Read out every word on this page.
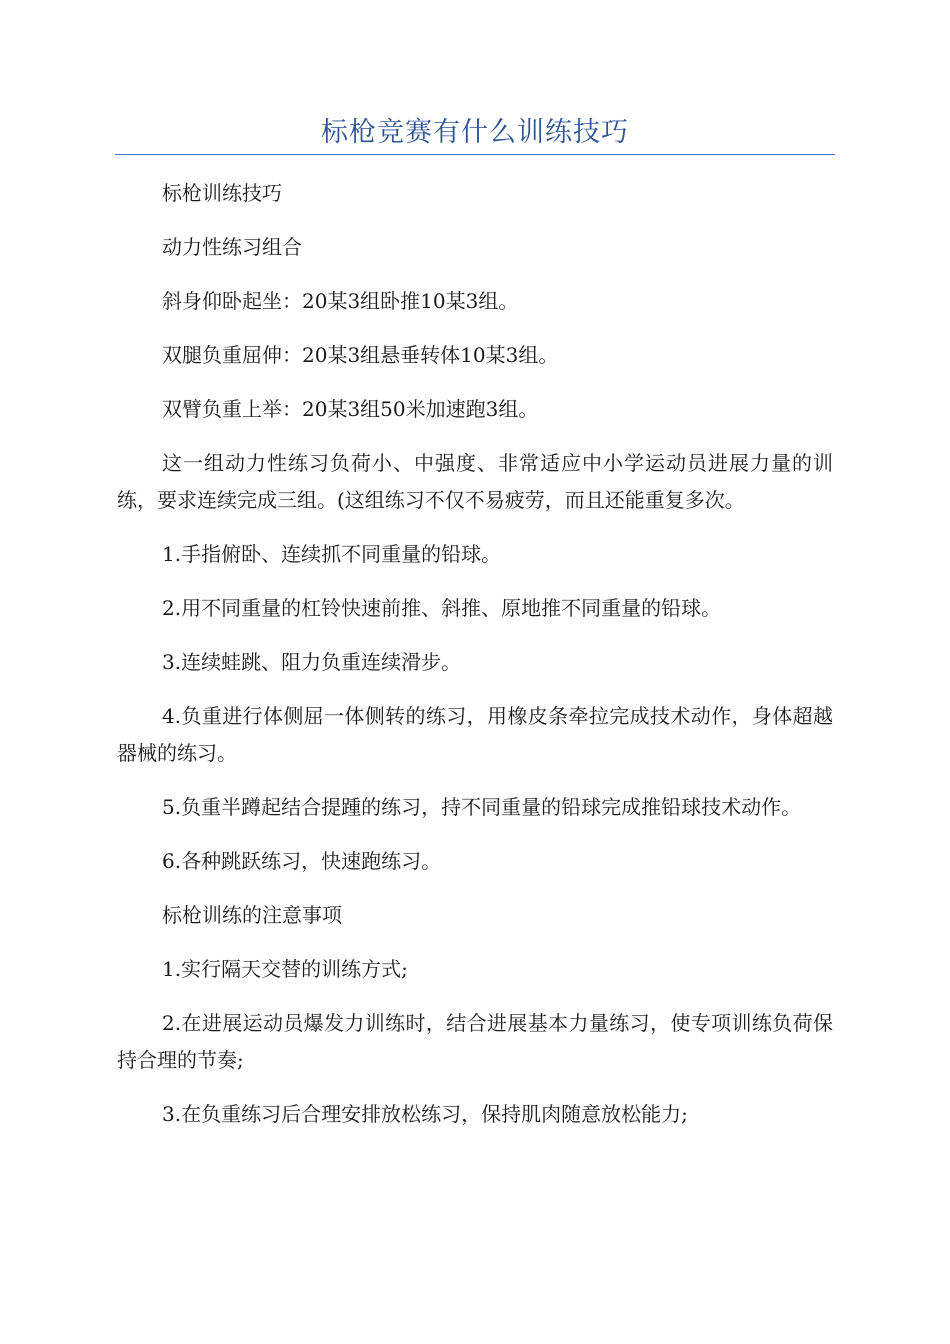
标枪竞赛有什么训练技巧

标枪训练技巧

动力性练习组合

斜身仰卧起坐：20某3组卧推10某3组。

双腿负重屈伸：20某3组悬垂转体10某3组。

双臂负重上举：20某3组50米加速跑3组。

这一组动力性练习负荷小、中强度、非常适应中小学运动员进展力量的训练，要求连续完成三组。(这组练习不仅不易疲劳，而且还能重复多次。

1.手指俯卧、连续抓不同重量的铅球。

2.用不同重量的杠铃快速前推、斜推、原地推不同重量的铅球。

3.连续蛙跳、阻力负重连续滑步。

4.负重进行体侧屈一体侧转的练习，用橡皮条牵拉完成技术动作，身体超越器械的练习。

5.负重半蹲起结合提踵的练习，持不同重量的铅球完成推铅球技术动作。

6.各种跳跃练习，快速跑练习。

标枪训练的注意事项

1.实行隔天交替的训练方式;

2.在进展运动员爆发力训练时，结合进展基本力量练习，使专项训练负荷保持合理的节奏;

3.在负重练习后合理安排放松练习，保持肌肉随意放松能力;
